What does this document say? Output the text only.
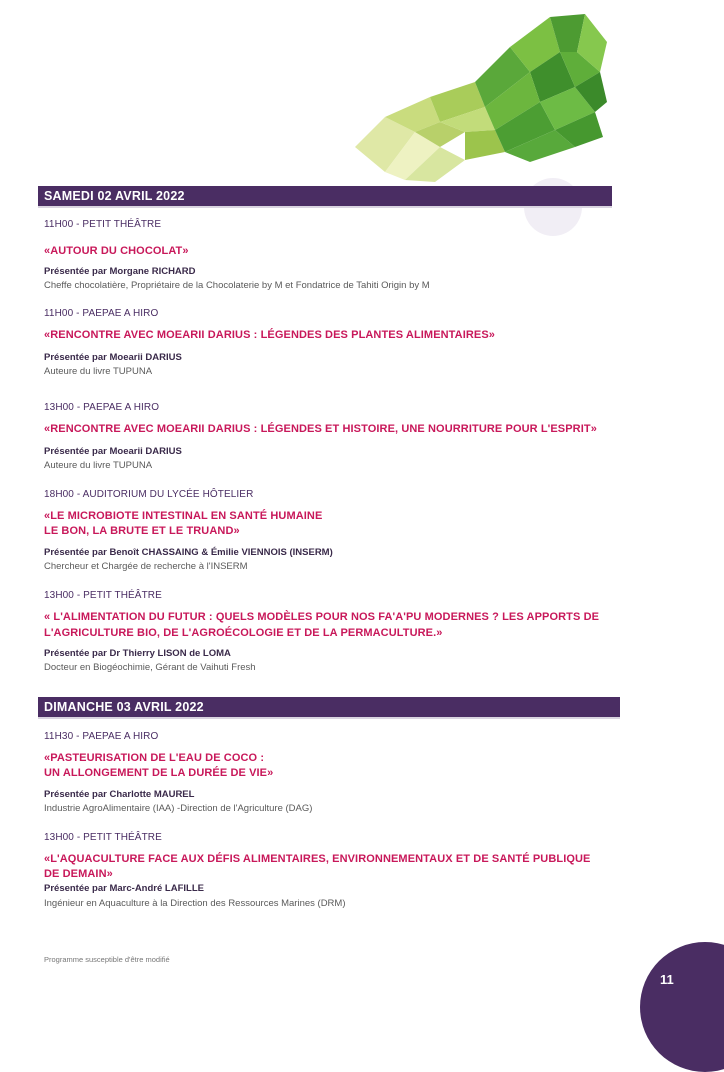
SAMEDI 02 AVRIL 2022
11H00 - PETIT THÉÂTRE
«AUTOUR DU CHOCOLAT»
Présentée par Morgane RICHARD
Cheffe chocolatière, Propriétaire de la Chocolaterie by M et Fondatrice de Tahiti Origin by M
11H00 - PAEPAE A HIRO
«RENCONTRE AVEC MOEARII DARIUS : LÉGENDES DES PLANTES ALIMENTAIRES»
Présentée par Moearii DARIUS
Auteure du livre TUPUNA
13H00 - PAEPAE A HIRO
«RENCONTRE AVEC MOEARII DARIUS : LÉGENDES ET HISTOIRE, UNE NOURRITURE POUR L'ESPRIT»
Présentée par Moearii DARIUS
Auteure du livre TUPUNA
18H00 - AUDITORIUM DU LYCÉE HÔTELIER
«LE MICROBIOTE INTESTINAL EN SANTÉ HUMAINE
LE BON, LA BRUTE ET LE TRUAND»
Présentée par Benoît CHASSAING & Émilie VIENNOIS (INSERM)
Chercheur et Chargée de recherche à l'INSERM
13H00 - PETIT THÉÂTRE
« L'ALIMENTATION DU FUTUR : QUELS MODÈLES POUR NOS FA'A'PU MODERNES ? LES APPORTS DE
L'AGRICULTURE BIO, DE L'AGROÉCOLOGIE ET DE LA PERMACULTURE.»
Présentée par Dr Thierry LISON de LOMA
Docteur en Biogéochimie, Gérant de Vaihuti Fresh
DIMANCHE 03 AVRIL 2022
11H30 - PAEPAE A HIRO
«PASTEURISATION DE L'EAU DE COCO :
UN ALLONGEMENT DE LA DURÉE DE VIE»
Présentée par Charlotte MAUREL
Industrie AgroAlimentaire (IAA) -Direction de l'Agriculture (DAG)
13H00 - PETIT THÉÂTRE
«L'AQUACULTURE FACE AUX DÉFIS ALIMENTAIRES, ENVIRONNEMENTAUX ET DE SANTÉ PUBLIQUE
DE DEMAIN»
Présentée par Marc-André LAFILLE
Ingénieur en Aquaculture à la Direction des Ressources Marines (DRM)
Programme susceptible d'être modifié
11
